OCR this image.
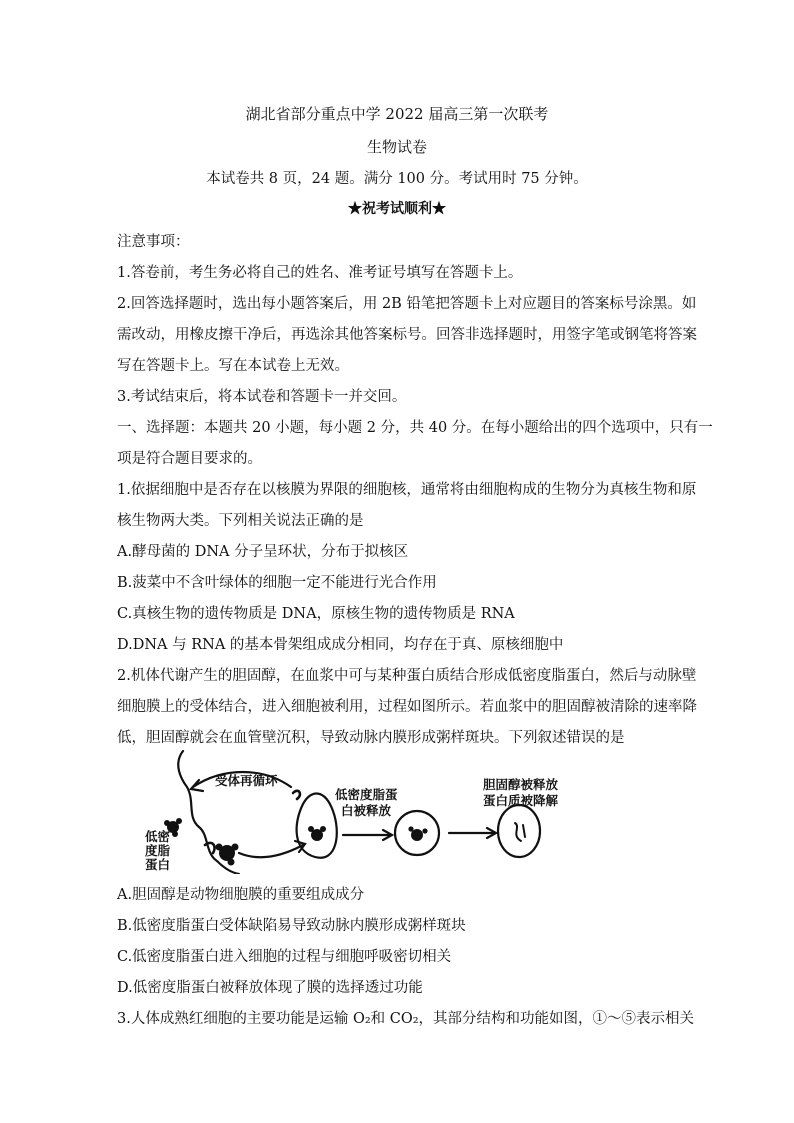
湖北省部分重点中学 2022 届高三第一次联考
生物试卷
本试卷共 8 页，24 题。满分 100 分。考试用时 75 分钟。
★祝考试顺利★
注意事项：
1.答卷前，考生务必将自己的姓名、准考证号填写在答题卡上。
2.回答选择题时，选出每小题答案后，用 2B 铅笔把答题卡上对应题目的答案标号涂黑。如
需改动，用橡皮擦干净后，再选涂其他答案标号。回答非选择题时，用签字笔或钢笔将答案
写在答题卡上。写在本试卷上无效。
3.考试结束后，将本试卷和答题卡一并交回。
一、选择题：本题共 20 小题，每小题 2 分，共 40 分。在每小题给出的四个选项中，只有一
项是符合题目要求的。
1.依据细胞中是否存在以核膜为界限的细胞核，通常将由细胞构成的生物分为真核生物和原
核生物两大类。下列相关说法正确的是
A.酵母菌的 DNA 分子呈环状，分布于拟核区
B.菠菜中不含叶绿体的细胞一定不能进行光合作用
C.真核生物的遗传物质是 DNA，原核生物的遗传物质是 RNA
D.DNA 与 RNA 的基本骨架组成成分相同，均存在于真、原核细胞中
2.机体代谢产生的胆固醇，在血浆中可与某种蛋白质结合形成低密度脂蛋白，然后与动脉壁
细胞膜上的受体结合，进入细胞被利用，过程如图所示。若血浆中的胆固醇被清除的速率降
低，胆固醇就会在血管壁沉积，导致动脉内膜形成粥样斑块。下列叙述错误的是
受体再循环
低密
度脂
蛋白
低密度脂蛋
白被释放
胆固醇被释放
蛋白质被降解
A.胆固醇是动物细胞膜的重要组成成分
B.低密度脂蛋白受体缺陷易导致动脉内膜形成粥样斑块
C.低密度脂蛋白进入细胞的过程与细胞呼吸密切相关
D.低密度脂蛋白被释放体现了膜的选择透过功能
3.人体成熟红细胞的主要功能是运输 O₂和 CO₂，其部分结构和功能如图，①～⑤表示相关
